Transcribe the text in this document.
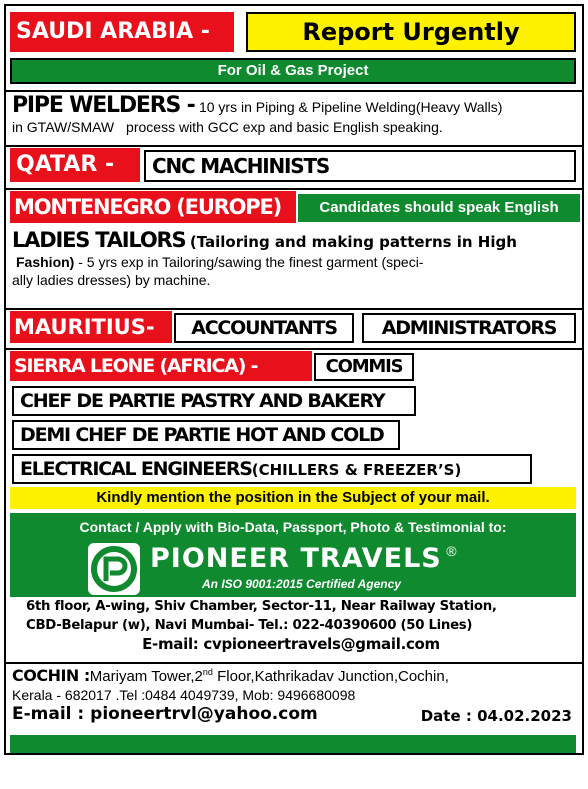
SAUDI ARABIA -	Report Urgently
For Oil & Gas Project
PIPE WELDERS - 10 yrs in Piping & Pipeline Welding(Heavy Walls)
in GTAW/SMAW process with GCC exp and basic English speaking.
QATAR -	CNC MACHINISTS
MONTENEGRO (EUROPE)	Candidates should speak English
LADIES TAILORS (Tailoring and making patterns in High
Fashion) - 5 yrs exp in Tailoring/sawing the finest garment (speci-
ally ladies dresses) by machine.
MAURITIUS-	ACCOUNTANTS	ADMINISTRATORS
SIERRA LEONE (AFRICA) -	COMMIS
CHEF DE PARTIE PASTRY AND BAKERY
DEMI CHEF DE PARTIE HOT AND COLD
ELECTRICAL ENGINEERS(CHILLERS & FREEZER’S)
Kindly mention the position in the Subject of your mail.
Contact / Apply with Bio-Data, Passport, Photo & Testimonial to:
PIONEER TRAVELS ®
An ISO 9001:2015 Certified Agency
6th floor, A-wing, Shiv Chamber, Sector-11, Near Railway Station,
CBD-Belapur (w), Navi Mumbai- Tel.: 022-40390600 (50 Lines)
E-mail: cvpioneertravels@gmail.com
COCHIN :Mariyam Tower,2nd Floor,Kathrikadav Junction,Cochin,
Kerala - 682017 .Tel :0484 4049739, Mob: 9496680098
E-mail : pioneertrvl@yahoo.com	Date : 04.02.2023

www.pioneerglobalrecruitment.com  |  Lic.No.:B/0830/MAH/PER/1000+5/6176/2003
